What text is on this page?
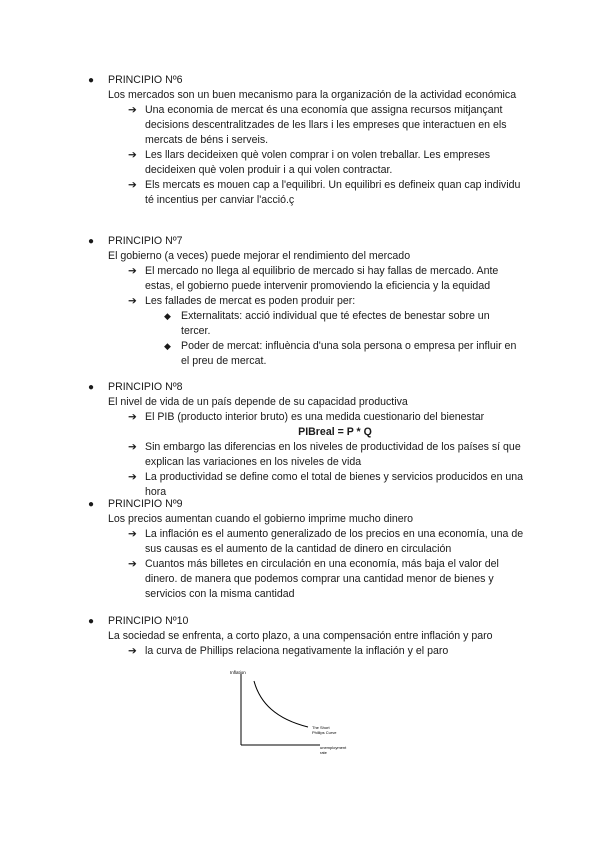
● PRINCIPIO Nº6
Los mercados son un buen mecanismo para la organización de la actividad económica
➔ Una economia de mercat és una economía que assigna recursos mitjançant decisions descentralitzades de les llars i les empreses que interactuen en els mercats de béns i serveis.
➔ Les llars decideixen què volen comprar i on volen treballar. Les empreses decideixen què volen produir i a qui volen contractar.
➔ Els mercats es mouen cap a l'equilibri. Un equilibri es defineix quan cap individu té incentius per canviar l'acció.ç
● PRINCIPIO Nº7
El gobierno (a veces) puede mejorar el rendimiento del mercado
➔ El mercado no llega al equilibrio de mercado si hay fallas de mercado. Ante estas, el gobierno puede intervenir promoviendo la eficiencia y la equidad
➔ Les fallades de mercat es poden produir per:
◆ Externalitats: acció individual que té efectes de benestar sobre un tercer.
◆ Poder de mercat: influència d'una sola persona o empresa per influir en el preu de mercat.
● PRINCIPIO Nº8
El nivel de vida de un país depende de su capacidad productiva
➔ El PIB (producto interior bruto) es una medida cuestionario del bienestar
PIBreal = P * Q
➔ Sin embargo las diferencias en los niveles de productividad de los países sí que explican las variaciones en los niveles de vida
➔ La productividad se define como el total de bienes y servicios producidos en una hora
● PRINCIPIO Nº9
Los precios aumentan cuando el gobierno imprime mucho dinero
➔ La inflación es el aumento generalizado de los precios en una economía, una de sus causas es el aumento de la cantidad de dinero en circulación
➔ Cuantos más billetes en circulación en una economía, más baja el valor del dinero. de manera que podemos comprar una cantidad menor de bienes y servicios con la misma cantidad
● PRINCIPIO Nº10
La sociedad se enfrenta, a corto plazo, a una compensación entre inflación y paro
➔ la curva de Phillips relaciona negativamente la inflación y el paro
Inflation
The Short
Phillips Curve
unemployment
rate
